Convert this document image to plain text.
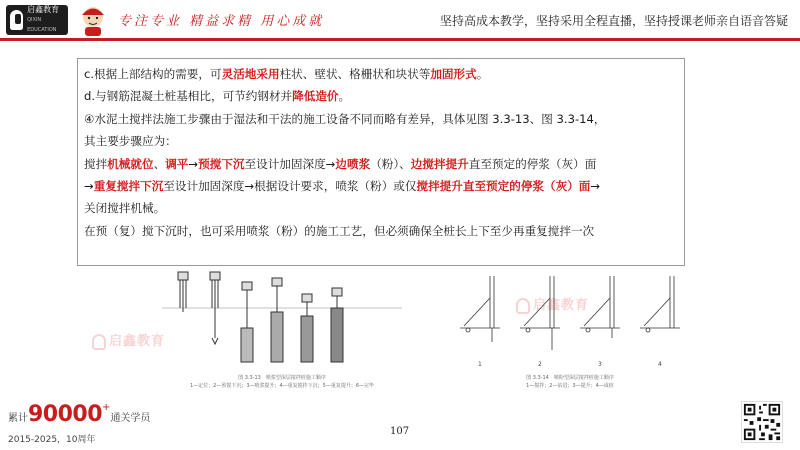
启鑫教育
QIXIN EDUCATION
专注专业 精益求精 用心成就	坚持高成本教学，坚持采用全程直播，坚持授课老师亲自语音答疑
启鑫教育
启鑫教育

c.根据上部结构的需要，可灵活地采用柱状、壁状、格栅状和块状等加固形式。

d.与钢筋混凝土桩基相比，可节约钢材并降低造价。

④水泥土搅拌法施工步骤由于湿法和干法的施工设备不同而略有差异，具体见图 3.3-13、图 3.3-14，

其主要步骤应为：

搅拌机械就位、调平→预搅下沉至设计加固深度→边喷浆（粉）、边搅拌提升直至预定的停浆（灰）面

→重复搅拌下沉至设计加固深度→根据设计要求，喷浆（粉）或仅搅拌提升直至预定的停浆（灰）面→

关闭搅拌机械。

在预（复）搅下沉时，也可采用喷浆（粉）的施工工艺，但必须确保全桩长上下至少再重复搅拌一次

图 3.3-13　喷浆型深层搅拌桩施工顺序
1—定位；2—预搅下沉；3—喷浆提升；4—重复搅拌下沉；5—重复提升；6—完毕
1	2	3	4
图 3.3-14　喷粉型深层搅拌桩施工顺序
1—搅拌；2—钻进；3—提升；4—成桩
累计90000+通关学员
2015-2025，10周年
107
